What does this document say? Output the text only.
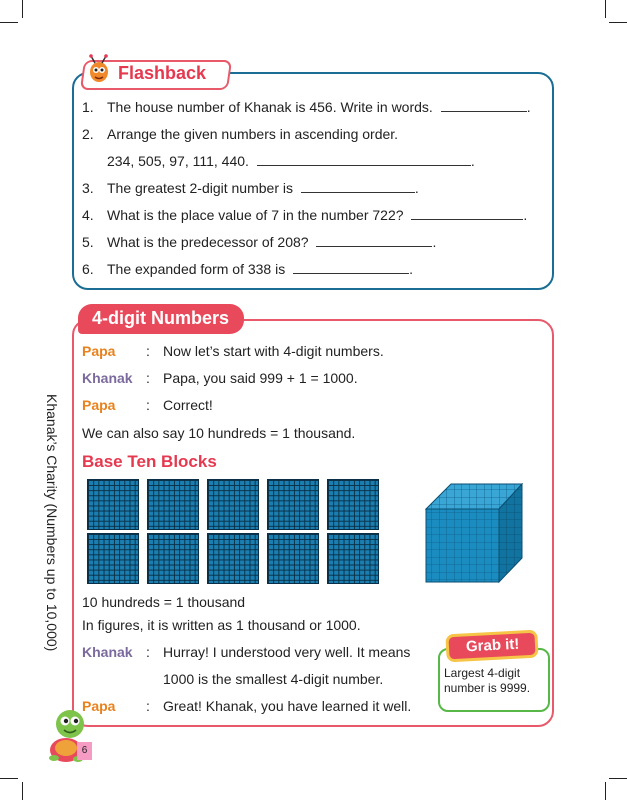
Flashback
1. The house number of Khanak is 456. Write in words.	.
2. Arrange the given numbers in ascending order.
234, 505, 97, 111, 440.	.
3. The greatest 2-digit number is	.
4. What is the place value of 7 in the number 722?	.
5. What is the predecessor of 208?	.
6. The expanded form of 338 is	.
4-digit Numbers
Papa : Now let’s start with 4-digit numbers.
Khanak : Papa, you said 999 + 1 = 1000.
Papa : Correct!
We can also say 10 hundreds = 1 thousand.
Base Ten Blocks
10 hundreds = 1 thousand
In figures, it is written as 1 thousand or 1000.
Khanak : Hurray! I understood very well. It means
1000 is the smallest 4-digit number.
Papa : Great! Khanak, you have learned it well.
Grab it!
Largest 4-digit number is 9999.
Khanak’s Charity (Numbers up to 10,000)
6
